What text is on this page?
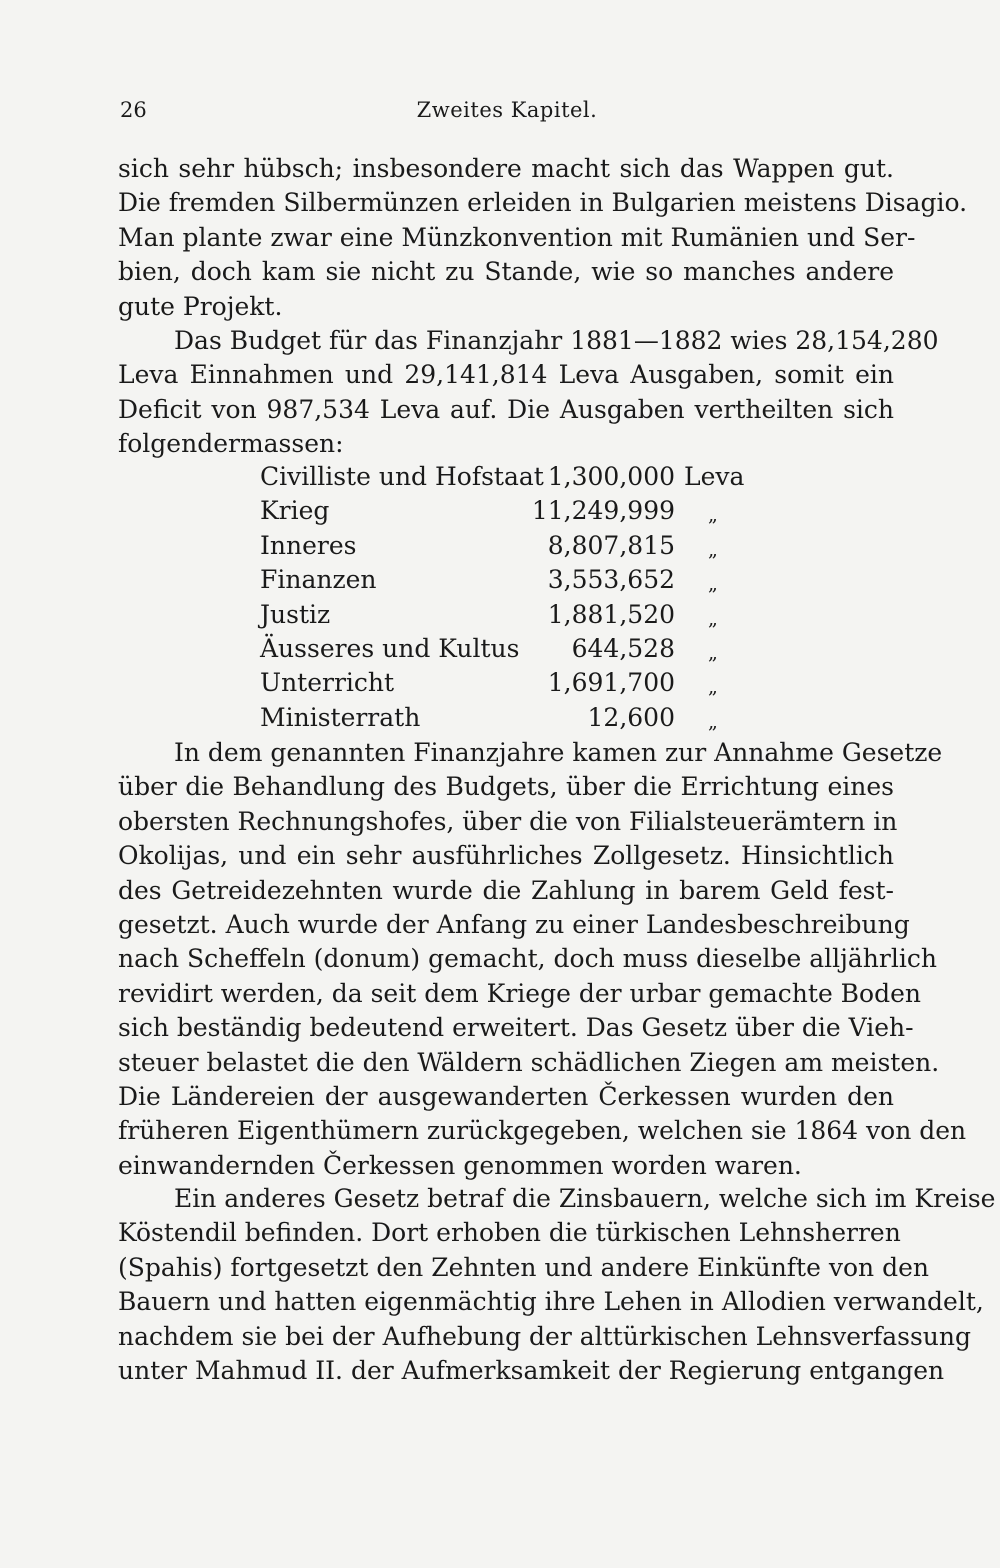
26	Zweites Kapitel.
sich sehr hübsch; insbesondere macht sich das Wappen gut.
Die fremden Silbermünzen erleiden in Bulgarien meistens Disagio.
Man plante zwar eine Münzkonvention mit Rumänien und Ser-
bien, doch kam sie nicht zu Stande, wie so manches andere
gute Projekt.
Das Budget für das Finanzjahr 1881—1882 wies 28,154,280
Leva Einnahmen und 29,141,814 Leva Ausgaben, somit ein
Deficit von 987,534 Leva auf. Die Ausgaben vertheilten sich
folgendermassen:
Civilliste und Hofstaat 1,300,000 Leva
Krieg	11,249,999 „
Inneres	8,807,815 „
Finanzen	3,553,652 „
Justiz	1,881,520 „
Äusseres und Kultus 644,528 „
Unterricht	1,691,700 „
Ministerrath	12,600 „
In dem genannten Finanzjahre kamen zur Annahme Gesetze
über die Behandlung des Budgets, über die Errichtung eines
obersten Rechnungshofes, über die von Filialsteuerämtern in
Okolijas, und ein sehr ausführliches Zollgesetz. Hinsichtlich
des Getreidezehnten wurde die Zahlung in barem Geld fest-
gesetzt. Auch wurde der Anfang zu einer Landesbeschreibung
nach Scheffeln (donum) gemacht, doch muss dieselbe alljährlich
revidirt werden, da seit dem Kriege der urbar gemachte Boden
sich beständig bedeutend erweitert. Das Gesetz über die Vieh-
steuer belastet die den Wäldern schädlichen Ziegen am meisten.
Die Ländereien der ausgewanderten Čerkessen wurden den
früheren Eigenthümern zurückgegeben, welchen sie 1864 von den
einwandernden Čerkessen genommen worden waren.
Ein anderes Gesetz betraf die Zinsbauern, welche sich im Kreise
Köstendil befinden. Dort erhoben die türkischen Lehnsherren
(Spahis) fortgesetzt den Zehnten und andere Einkünfte von den
Bauern und hatten eigenmächtig ihre Lehen in Allodien verwandelt,
nachdem sie bei der Aufhebung der alttürkischen Lehnsverfassung
unter Mahmud II. der Aufmerksamkeit der Regierung entgangen
